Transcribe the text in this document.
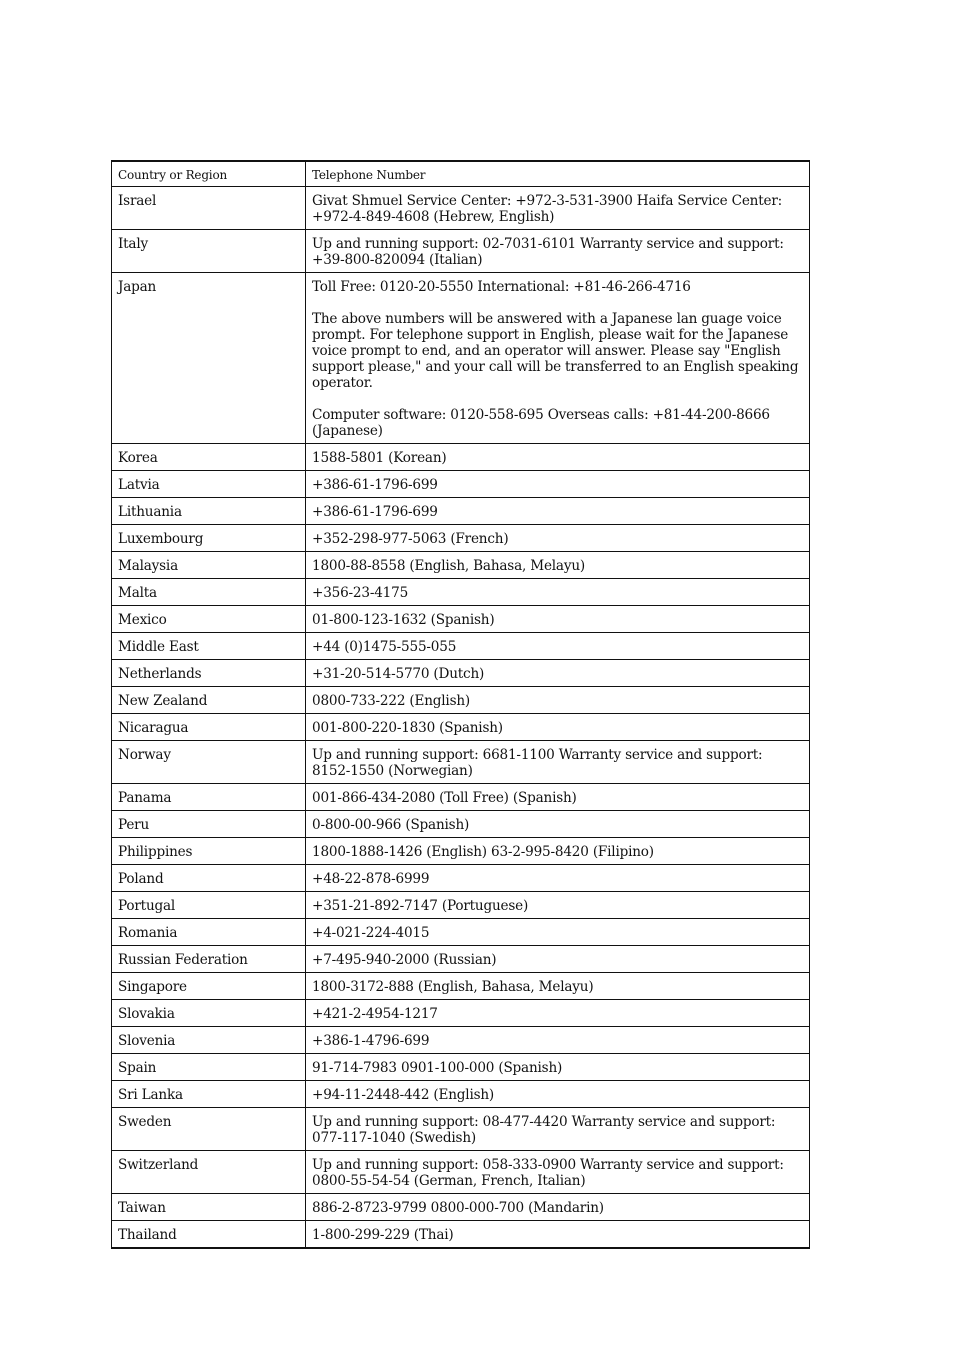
Country or Region	Telephone Number
Israel	Givat Shmuel Service Center: +972-3-531-3900 Haifa Service Center: +972-4-849-4608 (Hebrew, English)

Italy	Up and running support: 02-7031-6101 Warranty service and support: +39-800-820094 (Italian)

Japan	Toll Free: 0120-20-5550 International: +81-46-266-4716
The above numbers will be answered with a Japanese lan guage voice prompt. For telephone support in English, please wait for the Japanese voice prompt to end, and an operator will answer. Please say "English support please," and your call will be transferred to an English speaking operator.
Computer software: 0120-558-695 Overseas calls: +81-44-200-8666 (Japanese)

Korea	1588-5801 (Korean)

Latvia	+386-61-1796-699

Lithuania	+386-61-1796-699

Luxembourg	+352-298-977-5063 (French)

Malaysia	1800-88-8558 (English, Bahasa, Melayu)

Malta	+356-23-4175

Mexico	01-800-123-1632 (Spanish)

Middle East	+44 (0)1475-555-055

Netherlands	+31-20-514-5770 (Dutch)

New Zealand	0800-733-222 (English)

Nicaragua	001-800-220-1830 (Spanish)

Norway	Up and running support: 6681-1100 Warranty service and support: 8152-1550 (Norwegian)

Panama	001-866-434-2080 (Toll Free) (Spanish)

Peru	0-800-00-966 (Spanish)

Philippines	1800-1888-1426 (English) 63-2-995-8420 (Filipino)

Poland	+48-22-878-6999

Portugal	+351-21-892-7147 (Portuguese)

Romania	+4-021-224-4015

Russian Federation	+7-495-940-2000 (Russian)

Singapore	1800-3172-888 (English, Bahasa, Melayu)

Slovakia	+421-2-4954-1217

Slovenia	+386-1-4796-699

Spain	91-714-7983 0901-100-000 (Spanish)

Sri Lanka	+94-11-2448-442 (English)

Sweden	Up and running support: 08-477-4420 Warranty service and support: 077-117-1040 (Swedish)

Switzerland	Up and running support: 058-333-0900 Warranty service and support: 0800-55-54-54 (German, French, Italian)

Taiwan	886-2-8723-9799 0800-000-700 (Mandarin)

Thailand	1-800-299-229 (Thai)
